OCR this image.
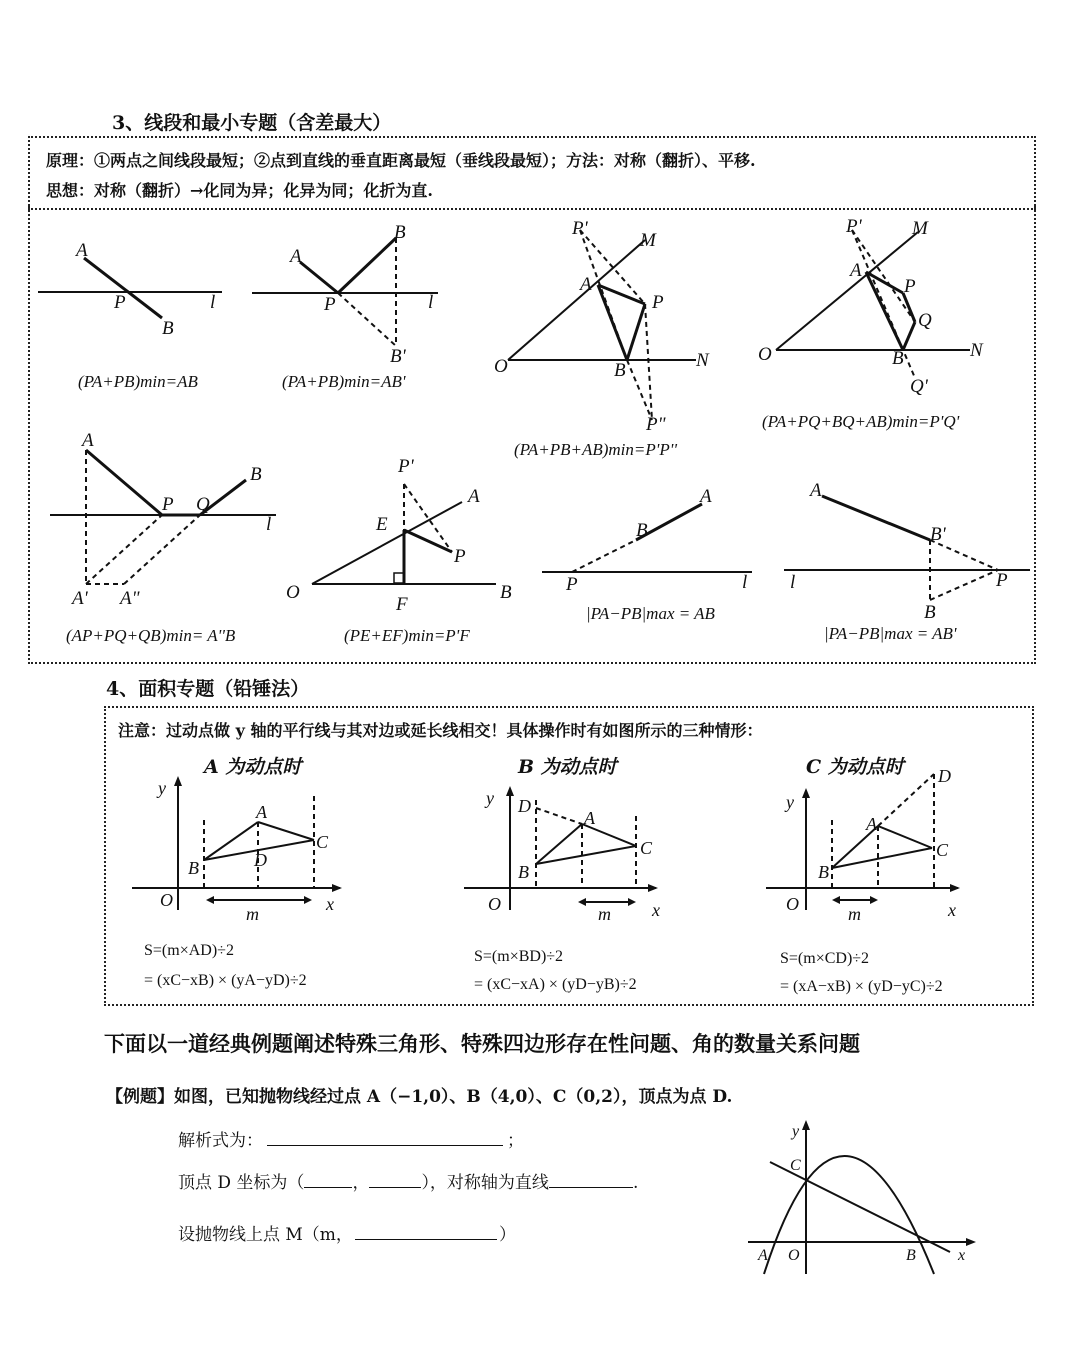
3、线段和最小专题（含差最大）
原理：①两点之间线段最短；②点到直线的垂直距离最短（垂线段最短）；方法：对称（翻折）、平移.
思想：对称（翻折）→化同为异；化异为同；化折为直.
A
P
B
l
A
P
B
B'
l
O
P'
M
A
P
B	N
P"
O
P'	M
A
P
Q
B	N
Q'
A
P Q
B
l
A' A"
P'
A
E
P
O
F
B
B
A
P	l
A
B'
l	P
B
(PA+PB)min=AB	(PA+PB)min=AB'
(PA+PB+AB)min=P'P''
(PA+PQ+BQ+AB)min=P'Q'
(AP+PQ+QB)min= A''B	(PE+EF)min=P'F
|PA−PB|max = AB
|PA−PB|max = AB'
4、面积专题（铅锤法）
注意：过动点做 y 轴的平行线与其对边或延长线相交！具体操作时有如图所示的三种情形：
A 为动点时	B 为动点时	C 为动点时
y
O	x
B
A
C
D
m
y
O	x
B
A
C
D
m
y
O	x
B
A
C
D
m
S=(m×AD)÷2
= (xC−xB) × (yA−yD)÷2
S=(m×BD)÷2
= (xC−xA) × (yD−yB)÷2
S=(m×CD)÷2
= (xA−xB) × (yD−yC)÷2
下面以一道经典例题阐述特殊三角形、特殊四边形存在性问题、角的数量关系问题
【例题】如图，已知抛物线经过点 A（−1,0）、B（4,0）、C（0,2），顶点为点 D.
解析式为：	；
顶点 D 坐标为（	，	），对称轴为直线	.
设抛物线上点 M（m，	）
y
C
A O	B	x
